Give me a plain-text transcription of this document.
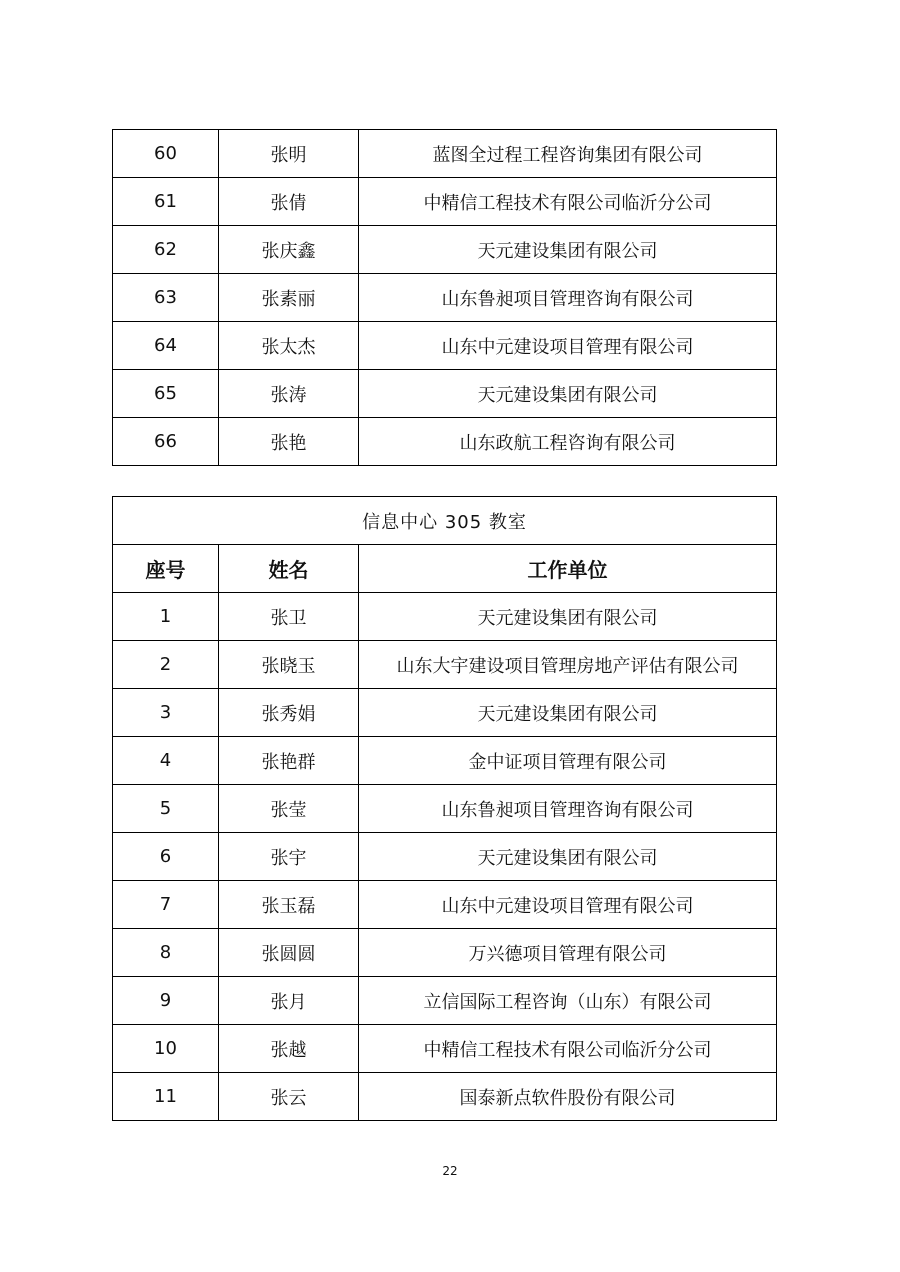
60	张明	蓝图全过程工程咨询集团有限公司
61	张倩	中精信工程技术有限公司临沂分公司
62	张庆鑫	天元建设集团有限公司
63	张素丽	山东鲁昶项目管理咨询有限公司
64	张太杰	山东中元建设项目管理有限公司
65	张涛	天元建设集团有限公司
66	张艳	山东政航工程咨询有限公司
信息中心 305 教室		
座号	姓名	工作单位
1	张卫	天元建设集团有限公司
2	张晓玉	山东大宇建设项目管理房地产评估有限公司
3	张秀娟	天元建设集团有限公司
4	张艳群	金中证项目管理有限公司
5	张莹	山东鲁昶项目管理咨询有限公司
6	张宇	天元建设集团有限公司
7	张玉磊	山东中元建设项目管理有限公司
8	张圆圆	万兴德项目管理有限公司
9	张月	立信国际工程咨询（山东）有限公司
10	张越	中精信工程技术有限公司临沂分公司
11	张云	国泰新点软件股份有限公司
22
